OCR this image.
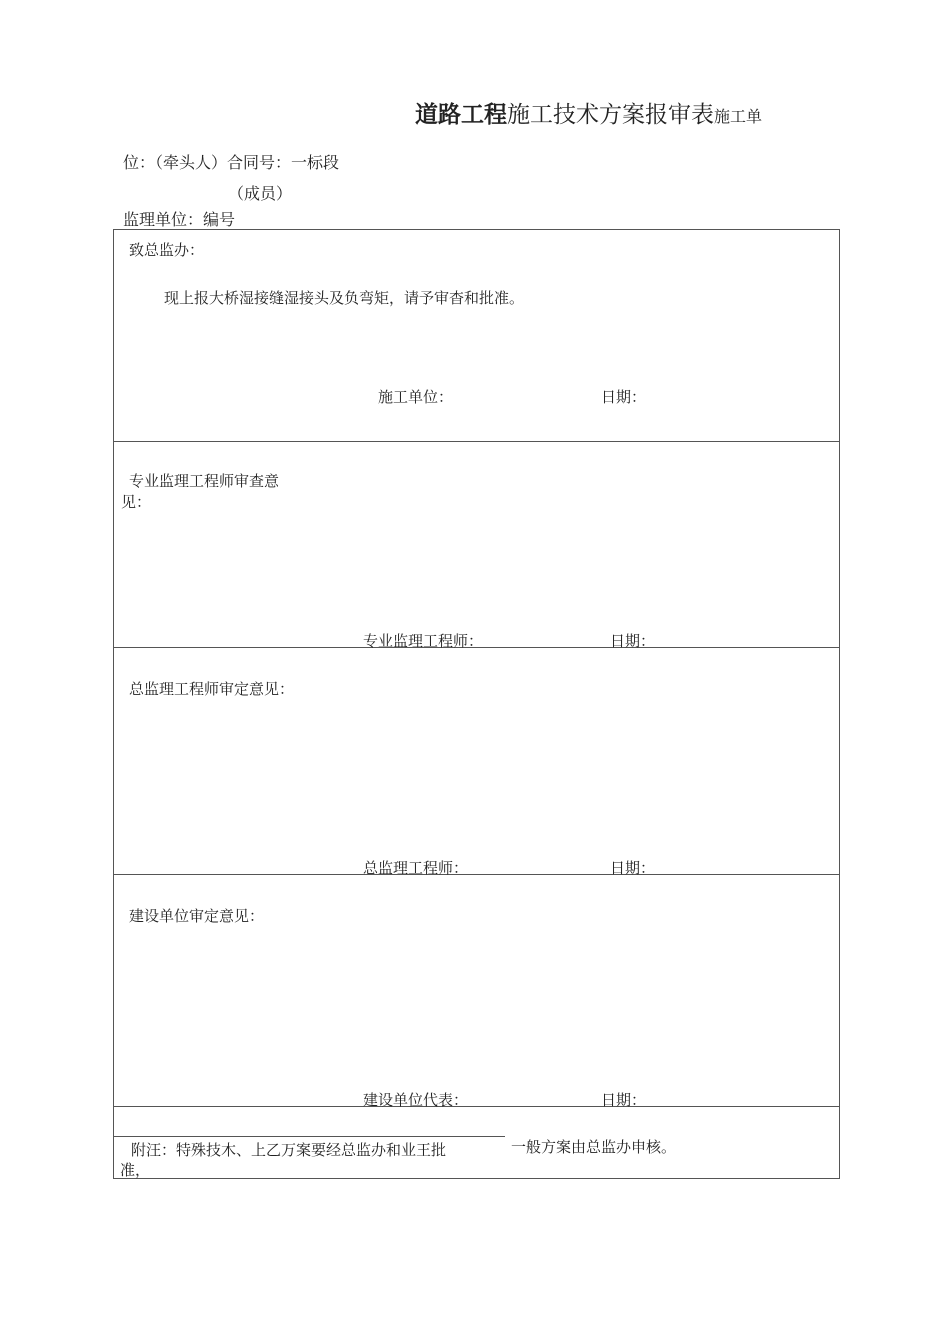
道路工程施工技术方案报审表施工单
位：（牵头人）合同号：一标段
（成员）
监理单位：编号
致总监办：
现上报大桥湿接缝湿接头及负弯矩，请予审杳和批准。
施工单位：	日期：
专业监理工程师审查意
见：
专业监理工程师：	日期：
总监理工程师审定意见：
总监理工程师：	日期：
建设单位审定意见：
建设单位代表：	日期：
附汪：特殊技木、上乙万案要经总监办和业王批
准，
一般方案由总监办申核。
